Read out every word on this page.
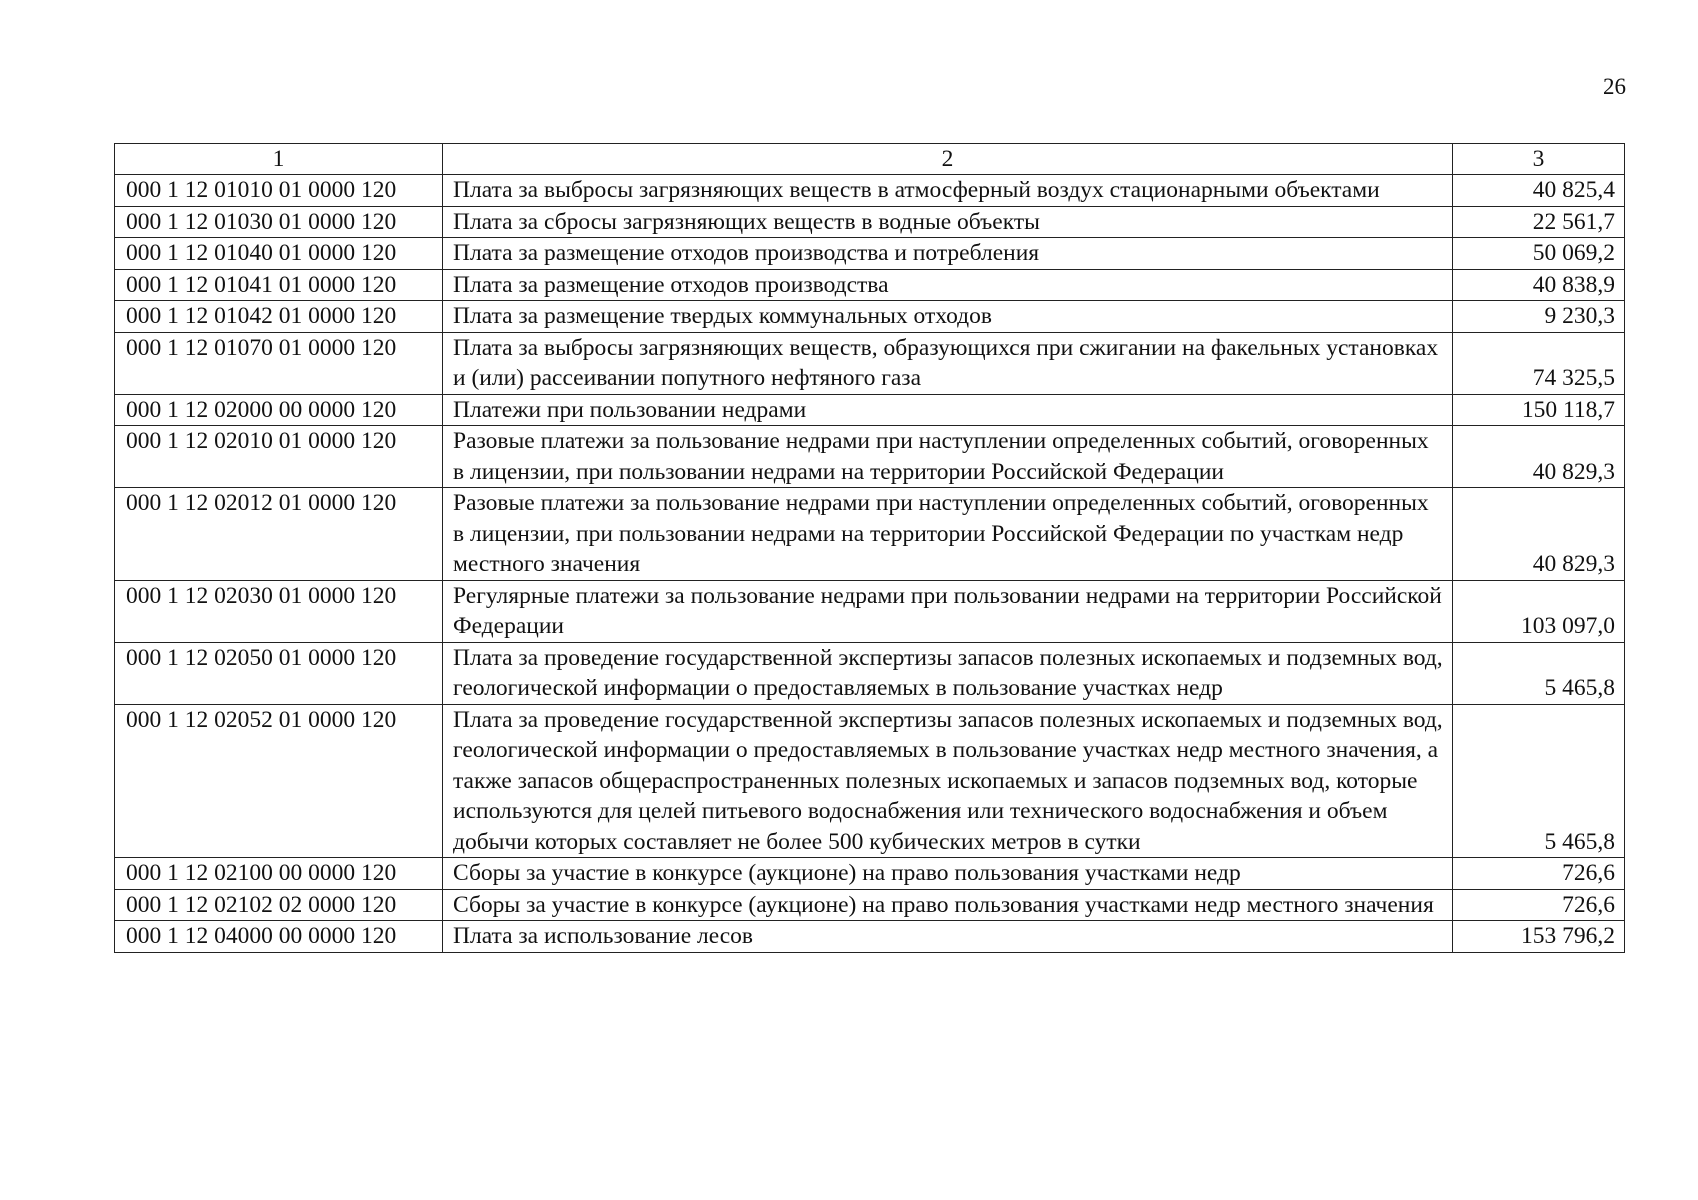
26
1	2	3
000 1 12 01010 01 0000 120	Плата за выбросы загрязняющих веществ в атмосферный воздух стационарными объектами	40 825,4
000 1 12 01030 01 0000 120	Плата за сбросы загрязняющих веществ в водные объекты	22 561,7
000 1 12 01040 01 0000 120	Плата за размещение отходов производства и потребления	50 069,2
000 1 12 01041 01 0000 120	Плата за размещение отходов производства	40 838,9
000 1 12 01042 01 0000 120	Плата за размещение твердых коммунальных отходов	9 230,3
000 1 12 01070 01 0000 120	Плата за выбросы загрязняющих веществ, образующихся при сжигании на факельных установках и (или) рассеивании попутного нефтяного газа	74 325,5
000 1 12 02000 00 0000 120	Платежи при пользовании недрами	150 118,7
000 1 12 02010 01 0000 120	Разовые платежи за пользование недрами при наступлении определенных событий, оговоренных в лицензии, при пользовании недрами на территории Российской Федерации	40 829,3
000 1 12 02012 01 0000 120	Разовые платежи за пользование недрами при наступлении определенных событий, оговоренных в лицензии, при пользовании недрами на территории Российской Федерации по участкам недр местного значения	40 829,3
000 1 12 02030 01 0000 120	Регулярные платежи за пользование недрами при пользовании недрами на территории Российской Федерации	103 097,0
000 1 12 02050 01 0000 120	Плата за проведение государственной экспертизы запасов полезных ископаемых и подземных вод, геологической информации о предоставляемых в пользование участках недр	5 465,8
000 1 12 02052 01 0000 120	Плата за проведение государственной экспертизы запасов полезных ископаемых и подземных вод, геологической информации о предоставляемых в пользование участках недр местного значения, а также запасов общераспространенных полезных ископаемых и запасов подземных вод, которые используются для целей питьевого водоснабжения или технического водоснабжения и объем добычи которых составляет не более 500 кубических метров в сутки	5 465,8
000 1 12 02100 00 0000 120	Сборы за участие в конкурсе (аукционе) на право пользования участками недр	726,6
000 1 12 02102 02 0000 120	Сборы за участие в конкурсе (аукционе) на право пользования участками недр местного значения	726,6
000 1 12 04000 00 0000 120	Плата за использование лесов	153 796,2
